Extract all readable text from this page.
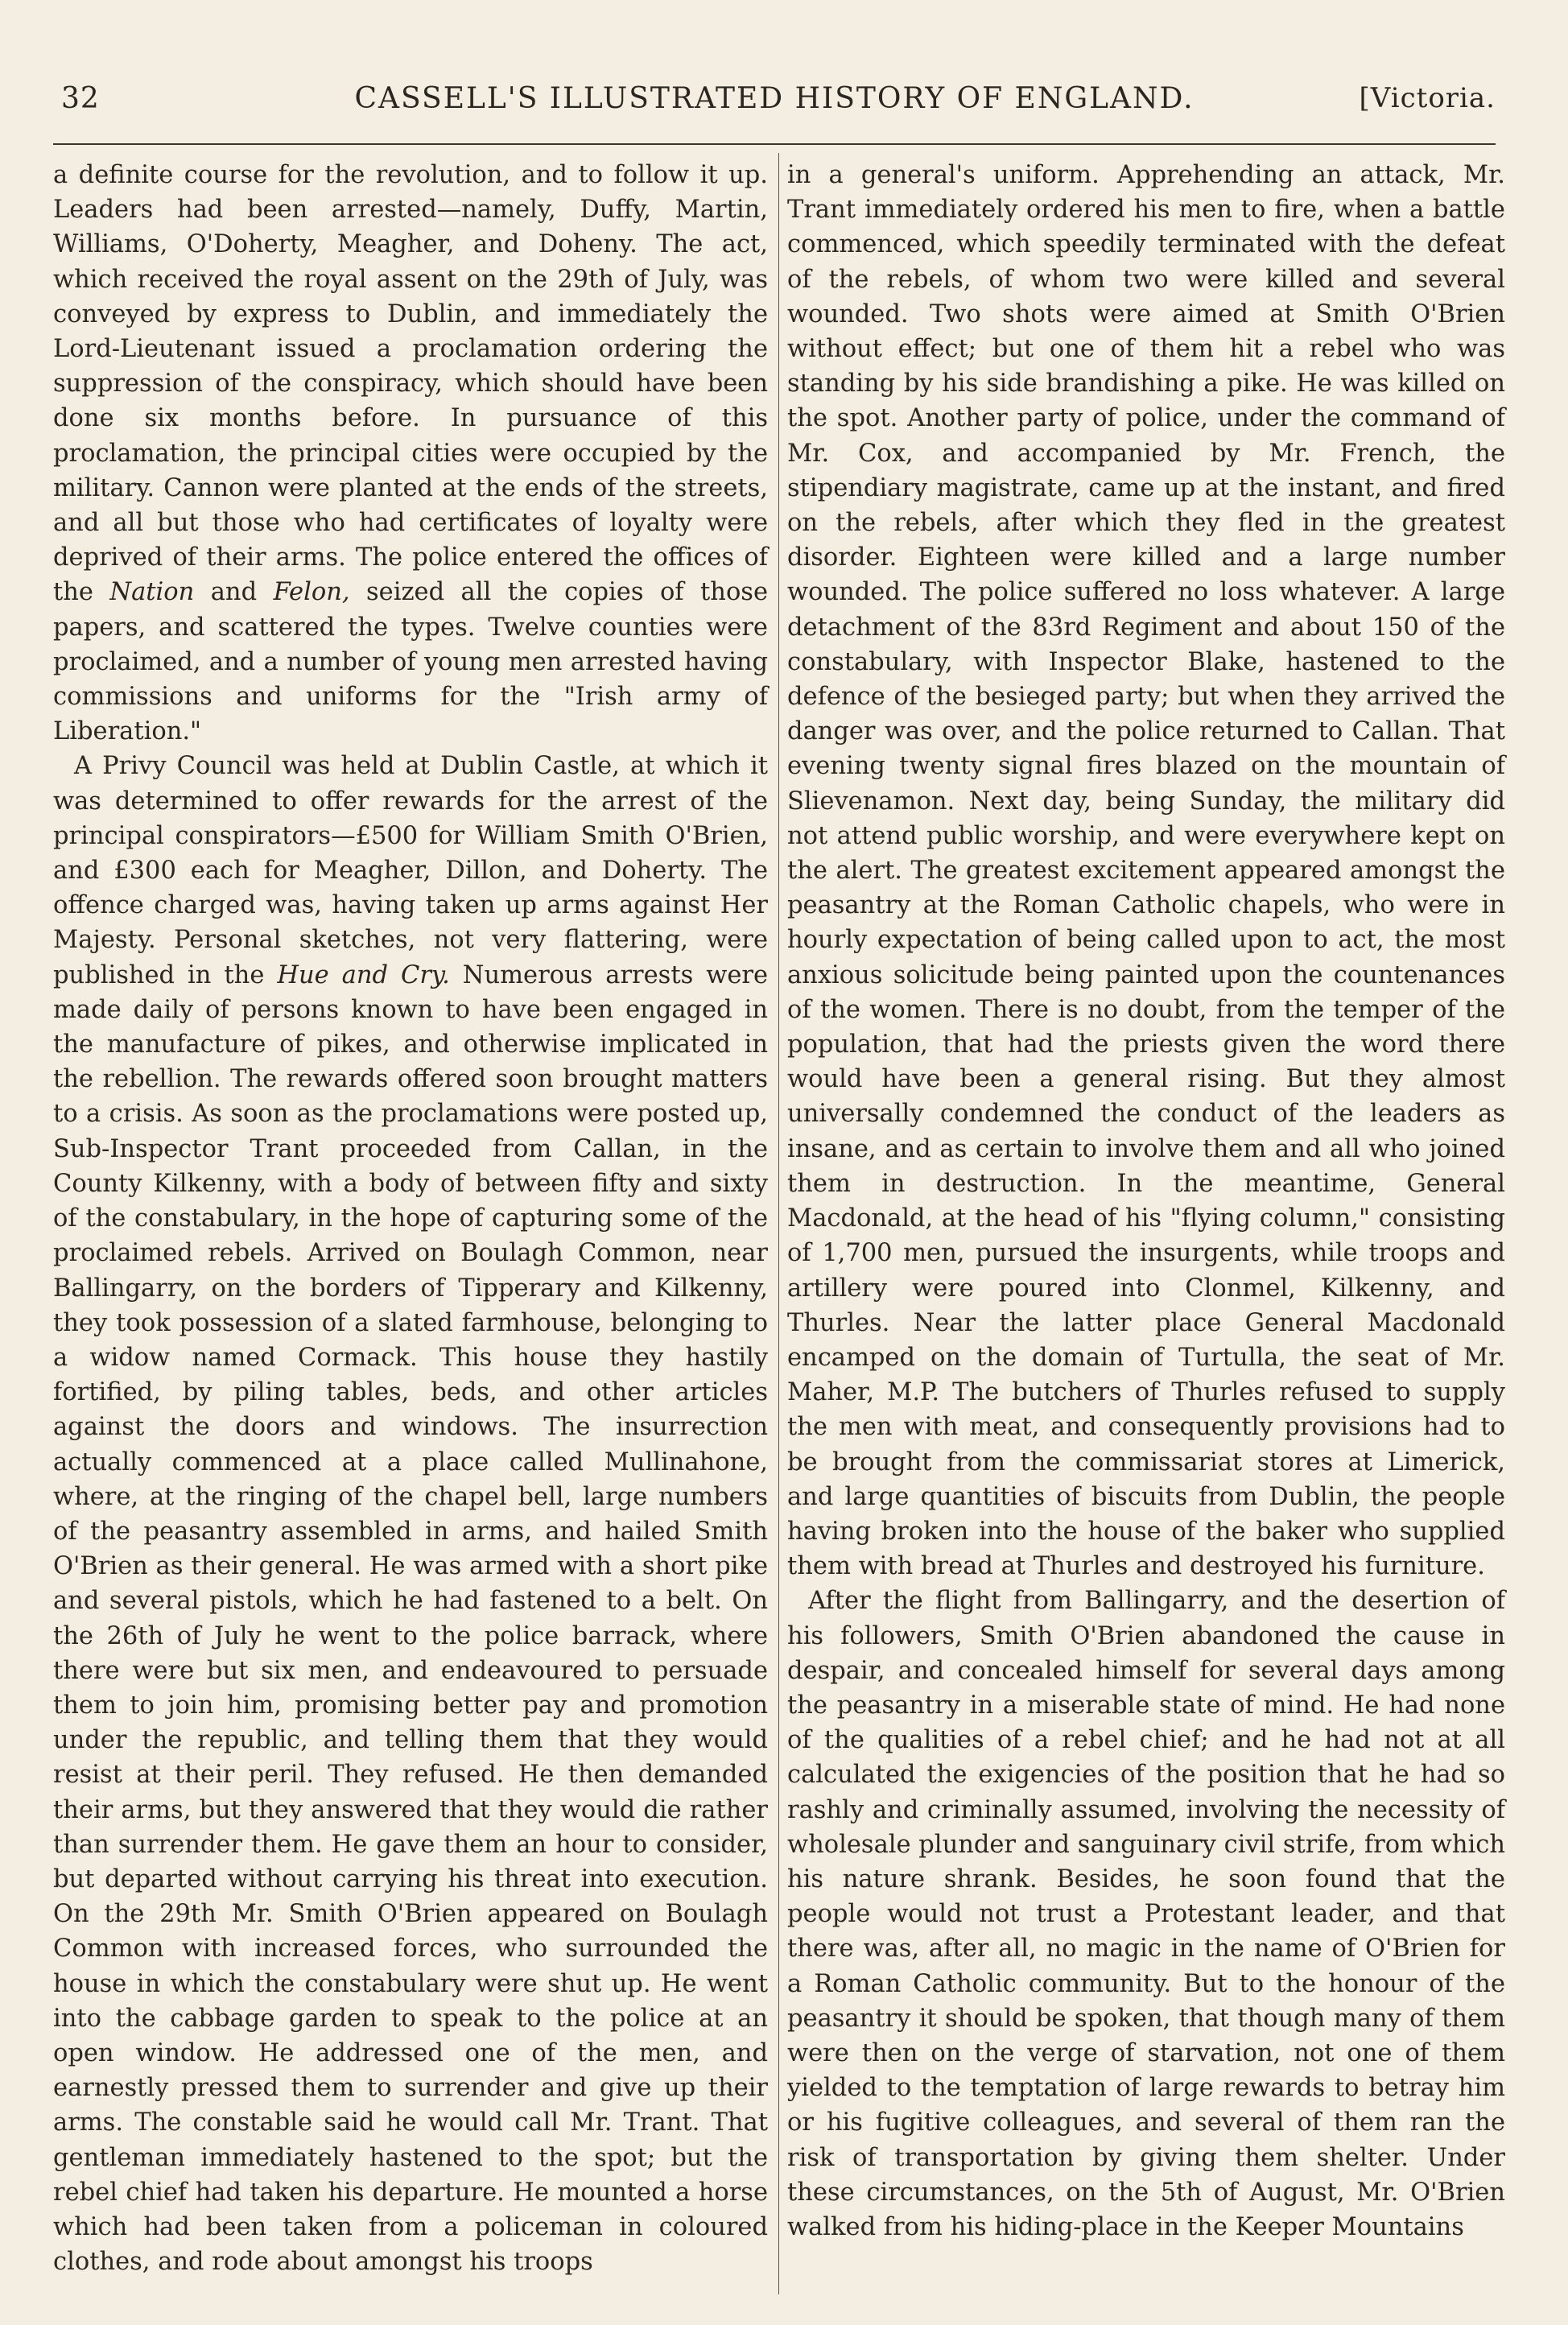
32	CASSELL'S ILLUSTRATED HISTORY OF ENGLAND.	[Victoria.

a definite course for the revolution, and to follow it up. Leaders had been arrested—namely, Duffy, Martin, Williams, O'Doherty, Meagher, and Doheny. The act, which received the royal assent on the 29th of July, was conveyed by express to Dublin, and immediately the Lord-Lieutenant issued a proclamation ordering the suppression of the conspiracy, which should have been done six months before. In pursuance of this proclamation, the principal cities were occupied by the military. Cannon were planted at the ends of the streets, and all but those who had certificates of loyalty were deprived of their arms. The police entered the offices of the Nation and Felon, seized all the copies of those papers, and scattered the types. Twelve counties were proclaimed, and a number of young men arrested having commissions and uniforms for the "Irish army of Liberation."

A Privy Council was held at Dublin Castle, at which it was determined to offer rewards for the arrest of the principal conspirators—£500 for William Smith O'Brien, and £300 each for Meagher, Dillon, and Doherty. The offence charged was, having taken up arms against Her Majesty. Personal sketches, not very flattering, were published in the Hue and Cry. Numerous arrests were made daily of persons known to have been engaged in the manufacture of pikes, and otherwise implicated in the rebellion. The rewards offered soon brought matters to a crisis. As soon as the proclamations were posted up, Sub-Inspector Trant proceeded from Callan, in the County Kilkenny, with a body of between fifty and sixty of the constabulary, in the hope of capturing some of the proclaimed rebels. Arrived on Boulagh Common, near Ballingarry, on the borders of Tipperary and Kilkenny, they took possession of a slated farmhouse, belonging to a widow named Cormack. This house they hastily fortified, by piling tables, beds, and other articles against the doors and windows. The insurrection actually commenced at a place called Mullinahone, where, at the ringing of the chapel bell, large numbers of the peasantry assembled in arms, and hailed Smith O'Brien as their general. He was armed with a short pike and several pistols, which he had fastened to a belt. On the 26th of July he went to the police barrack, where there were but six men, and endeavoured to persuade them to join him, promising better pay and promotion under the republic, and telling them that they would resist at their peril. They refused. He then demanded their arms, but they answered that they would die rather than surrender them. He gave them an hour to consider, but departed without carrying his threat into execution. On the 29th Mr. Smith O'Brien appeared on Boulagh Common with increased forces, who surrounded the house in which the constabulary were shut up. He went into the cabbage garden to speak to the police at an open window. He addressed one of the men, and earnestly pressed them to surrender and give up their arms. The constable said he would call Mr. Trant. That gentleman immediately hastened to the spot; but the rebel chief had taken his departure. He mounted a horse which had been taken from a policeman in coloured clothes, and rode about amongst his troops

in a general's uniform. Apprehending an attack, Mr. Trant immediately ordered his men to fire, when a battle commenced, which speedily terminated with the defeat of the rebels, of whom two were killed and several wounded. Two shots were aimed at Smith O'Brien without effect; but one of them hit a rebel who was standing by his side brandishing a pike. He was killed on the spot. Another party of police, under the command of Mr. Cox, and accompanied by Mr. French, the stipendiary magistrate, came up at the instant, and fired on the rebels, after which they fled in the greatest disorder. Eighteen were killed and a large number wounded. The police suffered no loss whatever. A large detachment of the 83rd Regiment and about 150 of the constabulary, with Inspector Blake, hastened to the defence of the besieged party; but when they arrived the danger was over, and the police returned to Callan. That evening twenty signal fires blazed on the mountain of Slievenamon. Next day, being Sunday, the military did not attend public worship, and were everywhere kept on the alert. The greatest excitement appeared amongst the peasantry at the Roman Catholic chapels, who were in hourly expectation of being called upon to act, the most anxious solicitude being painted upon the countenances of the women. There is no doubt, from the temper of the population, that had the priests given the word there would have been a general rising. But they almost universally condemned the conduct of the leaders as insane, and as certain to involve them and all who joined them in destruction. In the meantime, General Macdonald, at the head of his "flying column," consisting of 1,700 men, pursued the insurgents, while troops and artillery were poured into Clonmel, Kilkenny, and Thurles. Near the latter place General Macdonald encamped on the domain of Turtulla, the seat of Mr. Maher, M.P. The butchers of Thurles refused to supply the men with meat, and consequently provisions had to be brought from the commissariat stores at Limerick, and large quantities of biscuits from Dublin, the people having broken into the house of the baker who supplied them with bread at Thurles and destroyed his furniture.

After the flight from Ballingarry, and the desertion of his followers, Smith O'Brien abandoned the cause in despair, and concealed himself for several days among the peasantry in a miserable state of mind. He had none of the qualities of a rebel chief; and he had not at all calculated the exigencies of the position that he had so rashly and criminally assumed, involving the necessity of wholesale plunder and sanguinary civil strife, from which his nature shrank. Besides, he soon found that the people would not trust a Protestant leader, and that there was, after all, no magic in the name of O'Brien for a Roman Catholic community. But to the honour of the peasantry it should be spoken, that though many of them were then on the verge of starvation, not one of them yielded to the temptation of large rewards to betray him or his fugitive colleagues, and several of them ran the risk of transportation by giving them shelter. Under these circumstances, on the 5th of August, Mr. O'Brien walked from his hiding-place in the Keeper Mountains
